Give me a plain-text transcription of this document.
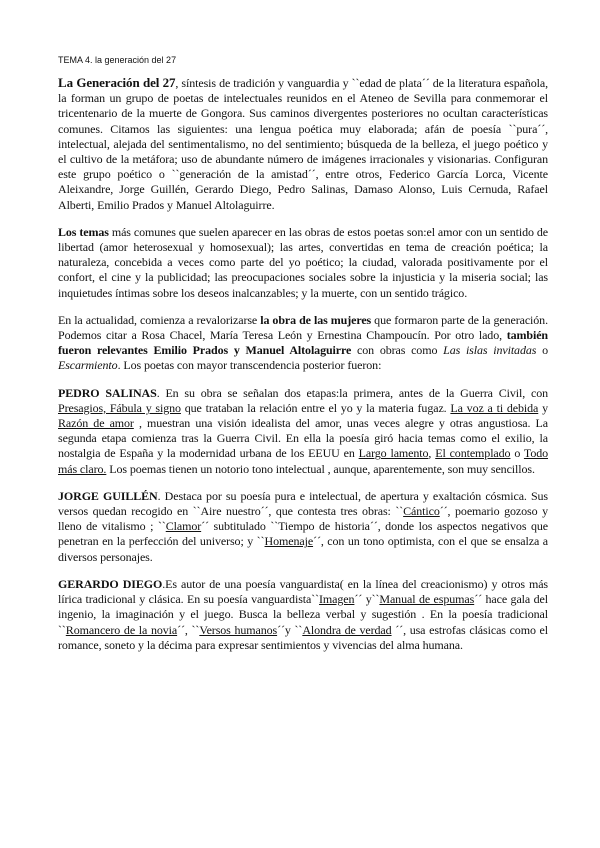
TEMA 4. la generación del 27
La Generación del 27, síntesis de tradición y vanguardia y ``edad de plata´´ de la literatura española, la forman un grupo de poetas de intelectuales reunidos en el Ateneo de Sevilla para conmemorar el tricentenario de la muerte de Gongora. Sus caminos divergentes posteriores no ocultan características comunes. Citamos las siguientes: una lengua poética muy elaborada; afán de poesía ``pura´´, intelectual, alejada del sentimentalismo, no del sentimiento; búsqueda de la belleza, el juego poético y el cultivo de la metáfora; uso de abundante número de imágenes irracionales y visionarias. Configuran este grupo poético o ``generación de la amistad´´, entre otros, Federico García Lorca, Vicente Aleixandre, Jorge Guillén, Gerardo Diego, Pedro Salinas, Damaso Alonso, Luis Cernuda, Rafael Alberti, Emilio Prados y Manuel Altolaguirre.
Los temas más comunes que suelen aparecer en las obras de estos poetas son:el amor con un sentido de libertad (amor heterosexual y homosexual); las artes, convertidas en tema de creación poética; la naturaleza, concebida a veces como parte del yo poético; la ciudad, valorada positivamente por el confort, el cine y la publicidad; las preocupaciones sociales sobre la injusticia y la miseria social; las inquietudes íntimas sobre los deseos inalcanzables; y la muerte, con un sentido trágico.
En la actualidad, comienza a revalorizarse la obra de las mujeres que formaron parte de la generación. Podemos citar a Rosa Chacel, María Teresa León y Ernestina Champoucín. Por otro lado, también fueron relevantes Emilio Prados y Manuel Altolaguirre con obras como Las islas invitadas o Escarmiento. Los poetas con mayor transcendencia posterior fueron:
PEDRO SALINAS. En su obra se señalan dos etapas:la primera, antes de la Guerra Civil, con Presagios, Fábula y signo que trataban la relación entre el yo y la materia fugaz. La voz a ti debida y Razón de amor , muestran una visión idealista del amor, unas veces alegre y otras angustiosa. La segunda etapa comienza tras la Guerra Civil. En ella la poesía giró hacia temas como el exilio, la nostalgia de España y la modernidad urbana de los EEUU en Largo lamento, El contemplado o Todo más claro. Los poemas tienen un notorio tono intelectual , aunque, aparentemente, son muy sencillos.
JORGE GUILLÉN. Destaca por su poesía pura e intelectual, de apertura y exaltación cósmica. Sus versos quedan recogido en ``Aire nuestro´´, que contesta tres obras: ``Cántico´´, poemario gozoso y lleno de vitalismo ; ``Clamor´´ subtitulado ``Tiempo de historia´´, donde los aspectos negativos que penetran en la perfección del universo; y ``Homenaje´´, con un tono optimista, con el que se ensalza a diversos personajes.
GERARDO DIEGO.Es autor de una poesía vanguardista( en la línea del creacionismo) y otros más lírica tradicional y clásica. En su poesía vanguardista``Imagen´´ y``Manual de espumas´´ hace gala del ingenio, la imaginación y el juego. Busca la belleza verbal y sugestión . En la poesía tradicional ``Romancero de la novia´´, ``Versos humanos´´y ``Alondra de verdad ´´, usa estrofas clásicas como el romance, soneto y la décima para expresar sentimientos y vivencias del alma humana.
